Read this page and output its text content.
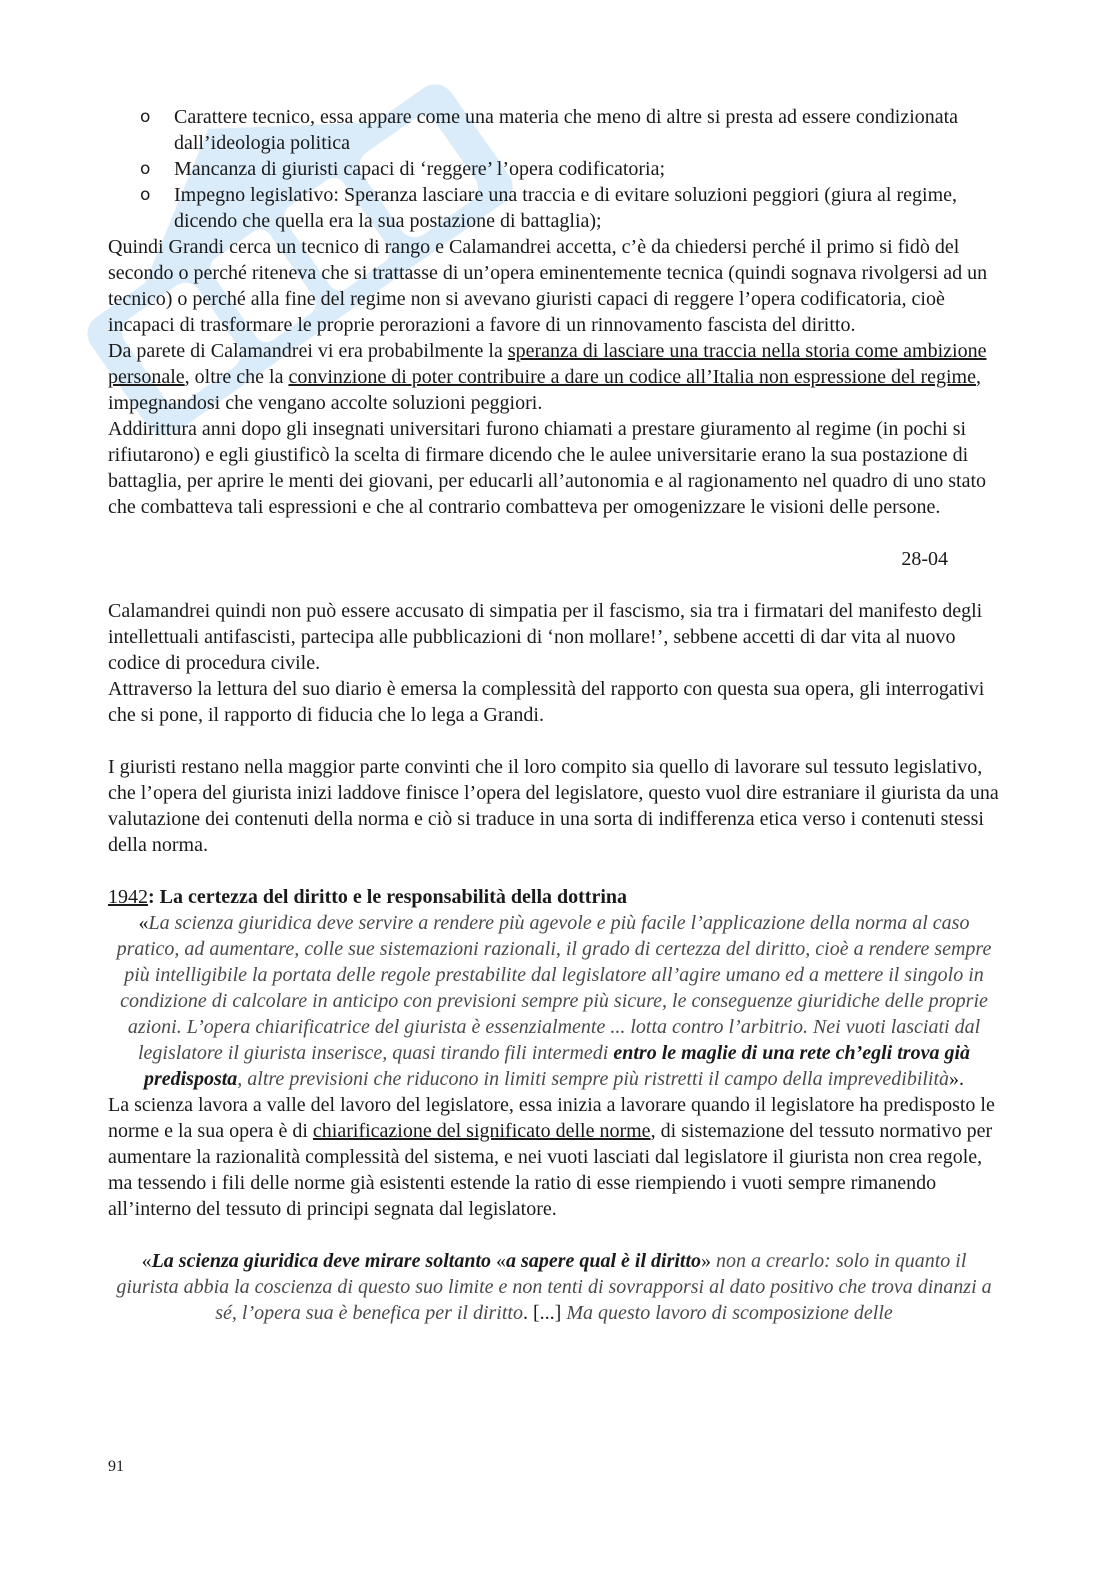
o Carattere tecnico, essa appare come una materia che meno di altre si presta ad essere condizionata dall’ideologia politica
o Mancanza di giuristi capaci di ‘reggere’ l’opera codificatoria;
o Impegno legislativo: Speranza lasciare una traccia e di evitare soluzioni peggiori (giura al regime, dicendo che quella era la sua postazione di battaglia);

Quindi Grandi cerca un tecnico di rango e Calamandrei accetta, c’è da chiedersi perché il primo si fidò del secondo o perché riteneva che si trattasse di un’opera eminentemente tecnica (quindi sognava rivolgersi ad un tecnico) o perché alla fine del regime non si avevano giuristi capaci di reggere l’opera codificatoria, cioè incapaci di trasformare le proprie perorazioni a favore di un rinnovamento fascista del diritto.

Da parete di Calamandrei vi era probabilmente la speranza di lasciare una traccia nella storia come ambizione personale, oltre che la convinzione di poter contribuire a dare un codice all’Italia non espressione del regime, impegnandosi che vengano accolte soluzioni peggiori.

Addirittura anni dopo gli insegnati universitari furono chiamati a prestare giuramento al regime (in pochi si rifiutarono) e egli giustificò la scelta di firmare dicendo che le aulee universitarie erano la sua postazione di battaglia, per aprire le menti dei giovani, per educarli all’autonomia e al ragionamento nel quadro di uno stato che combatteva tali espressioni e che al contrario combatteva per omogenizzare le visioni delle persone.

28-04

Calamandrei quindi non può essere accusato di simpatia per il fascismo, sia tra i firmatari del manifesto degli intellettuali antifascisti, partecipa alle pubblicazioni di ‘non mollare!’, sebbene accetti di dar vita al nuovo codice di procedura civile.

Attraverso la lettura del suo diario è emersa la complessità del rapporto con questa sua opera, gli interrogativi che si pone, il rapporto di fiducia che lo lega a Grandi.

I giuristi restano nella maggior parte convinti che il loro compito sia quello di lavorare sul tessuto legislativo, che l’opera del giurista inizi laddove finisce l’opera del legislatore, questo vuol dire estraniare il giurista da una valutazione dei contenuti della norma e ciò si traduce in una sorta di indifferenza etica verso i contenuti stessi della norma.

1942: La certezza del diritto e le responsabilità della dottrina

«La scienza giuridica deve servire a rendere più agevole e più facile l’applicazione della norma al caso pratico, ad aumentare, colle sue sistemazioni razionali, il grado di certezza del diritto, cioè a rendere sempre più intelligibile la portata delle regole prestabilite dal legislatore all’agire umano ed a mettere il singolo in condizione di calcolare in anticipo con previsioni sempre più sicure, le conseguenze giuridiche delle proprie azioni. L’opera chiarificatrice del giurista è essenzialmente ... lotta contro l’arbitrio. Nei vuoti lasciati dal legislatore il giurista inserisce, quasi tirando fili intermedi entro le maglie di una rete ch’egli trova già predisposta, altre previsioni che riducono in limiti sempre più ristretti il campo della imprevedibilità».

La scienza lavora a valle del lavoro del legislatore, essa inizia a lavorare quando il legislatore ha predisposto le norme e la sua opera è di chiarificazione del significato delle norme, di sistemazione del tessuto normativo per aumentare la razionalità complessità del sistema, e nei vuoti lasciati dal legislatore il giurista non crea regole, ma tessendo i fili delle norme già esistenti estende la ratio di esse riempiendo i vuoti sempre rimanendo all’interno del tessuto di principi segnata dal legislatore.

«La scienza giuridica deve mirare soltanto «a sapere qual è il diritto» non a crearlo: solo in quanto il
giurista abbia la coscienza di questo suo limite e non tenti di sovrapporsi al dato positivo che trova dinanzi a sé, l’opera sua è benefica per il diritto. [...] Ma questo lavoro di scomposizione delle

91
